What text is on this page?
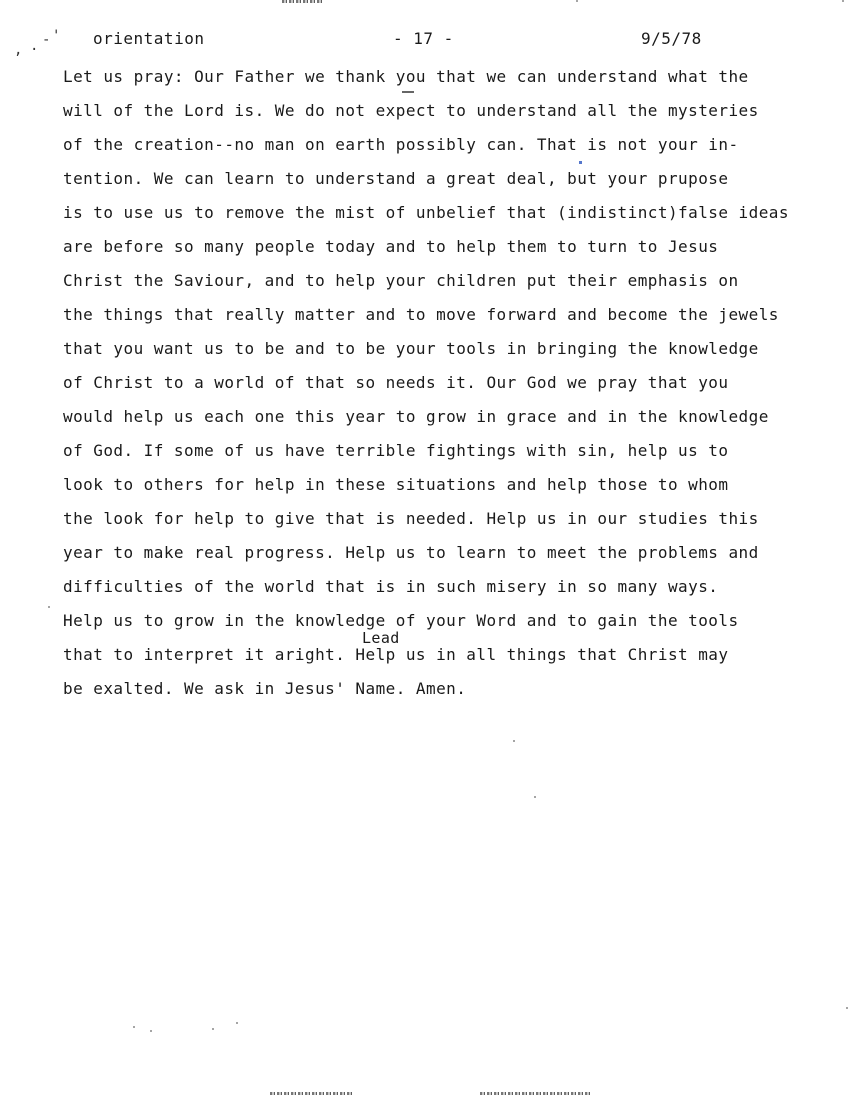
, . - ' orientation	- 17 -	9/5/78
Let us pray: Our Father we thank you that we can understand what the
will of the Lord is. We do not expect to understand all the mysteries
of the creation--no man on earth possibly can. That is not your in-
tention. We can learn to understand a great deal, but your prupose
is to use us to remove the mist of unbelief that (indistinct)false ideas
are before so many people today and to help them to turn to Jesus
Christ the Saviour, and to help your children put their emphasis on
the things that really matter and to move forward and become the jewels
that you want us to be and to be your tools in bringing the knowledge
of Christ to a world of that so needs it. Our God we pray that you
would help us each one this year to grow in grace and in the knowledge
of God. If some of us have terrible fightings with sin, help us to
look to others for help in these situations and help those to whom
the look for help to give that is needed. Help us in our studies this
year to make real progress. Help us to learn to meet the problems and
difficulties of the world that is in such misery in so many ways.
Help us to grow in the knowledge of your Word and to gain the tools
that to interpret it aright. Help us in all things that Christ may
be exalted. We ask in Jesus' Name. Amen.
Lead
